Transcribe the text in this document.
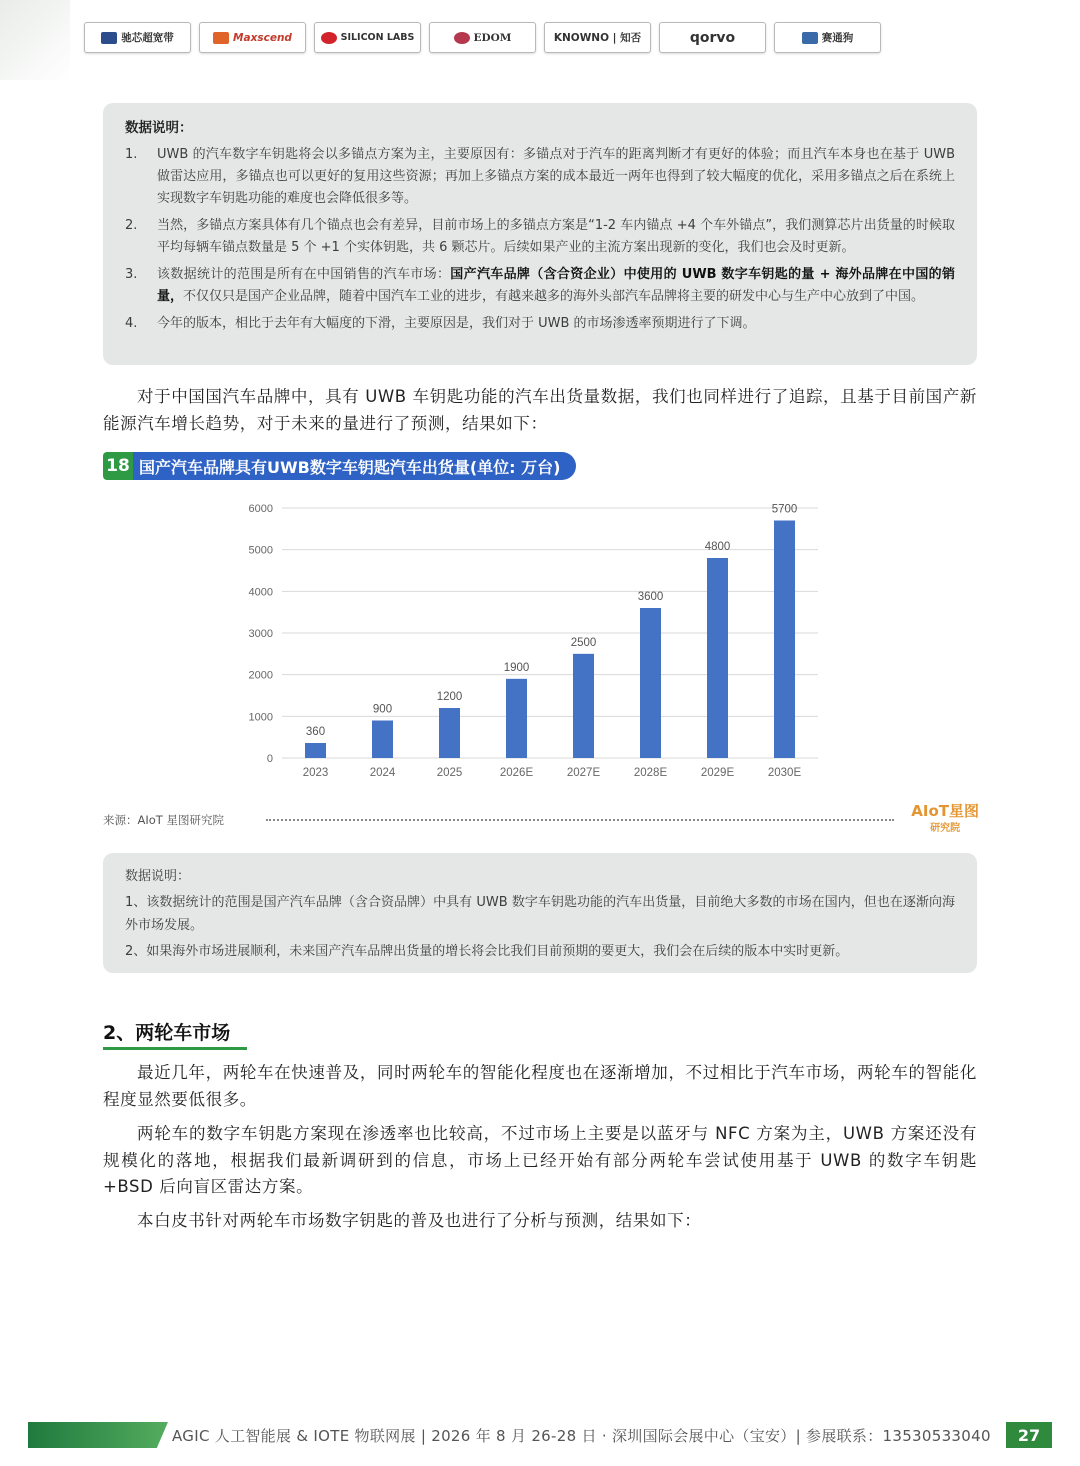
驰芯超宽带	Maxscend	SILICON LABS	EDOM	KNOWNO | 知否	qorvo	赛通狗
数据说明：
1.	UWB 的汽车数字车钥匙将会以多锚点方案为主，主要原因有：多锚点对于汽车的距离判断才有更好的体验；而且汽车本身也在基于 UWB 做雷达应用，多锚点也可以更好的复用这些资源；再加上多锚点方案的成本最近一两年也得到了较大幅度的优化，采用多锚点之后在系统上实现数字车钥匙功能的难度也会降低很多等。
2.	当然，多锚点方案具体有几个锚点也会有差异，目前市场上的多锚点方案是“1-2 车内锚点 +4 个车外锚点”，我们测算芯片出货量的时候取平均每辆车锚点数量是 5 个 +1 个实体钥匙，共 6 颗芯片。后续如果产业的主流方案出现新的变化，我们也会及时更新。
3.	该数据统计的范围是所有在中国销售的汽车市场：国产汽车品牌（含合资企业）中使用的 UWB 数字车钥匙的量 + 海外品牌在中国的销量，不仅仅只是国产企业品牌，随着中国汽车工业的进步，有越来越多的海外头部汽车品牌将主要的研发中心与生产中心放到了中国。
4.	今年的版本，相比于去年有大幅度的下滑，主要原因是，我们对于 UWB 的市场渗透率预期进行了下调。

对于中国国汽车品牌中，具有 UWB 车钥匙功能的汽车出货量数据，我们也同样进行了追踪，且基于目前国产新能源汽车增长趋势，对于未来的量进行了预测，结果如下：

18 国产汽车品牌具有UWB数字车钥匙汽车出货量(单位: 万台)
0
1000
2000
3000
4000
5000
6000
360
2023
900
2024
1200
2025
1900
2026E
2500
2027E
3600
2028E
4800
2029E
5700
2030E
来源：AIoT 星图研究院	AIoT星图
研究院
数据说明：
1、该数据统计的范围是国产汽车品牌（含合资品牌）中具有 UWB 数字车钥匙功能的汽车出货量，目前绝大多数的市场在国内，但也在逐渐向海外市场发展。
2、如果海外市场进展顺利，未来国产汽车品牌出货量的增长将会比我们目前预期的要更大，我们会在后续的版本中实时更新。
2、两轮车市场

最近几年，两轮车在快速普及，同时两轮车的智能化程度也在逐渐增加，不过相比于汽车市场，两轮车的智能化程度显然要低很多。

两轮车的数字车钥匙方案现在渗透率也比较高，不过市场上主要是以蓝牙与 NFC 方案为主，UWB 方案还没有规模化的落地，根据我们最新调研到的信息，市场上已经开始有部分两轮车尝试使用基于 UWB 的数字车钥匙 +BSD 后向盲区雷达方案。

本白皮书针对两轮车市场数字钥匙的普及也进行了分析与预测，结果如下：

AGIC 人工智能展 & IOTE 物联网展 | 2026 年 8 月 26-28 日 · 深圳国际会展中心（宝安）| 参展联系：13530533040	27
